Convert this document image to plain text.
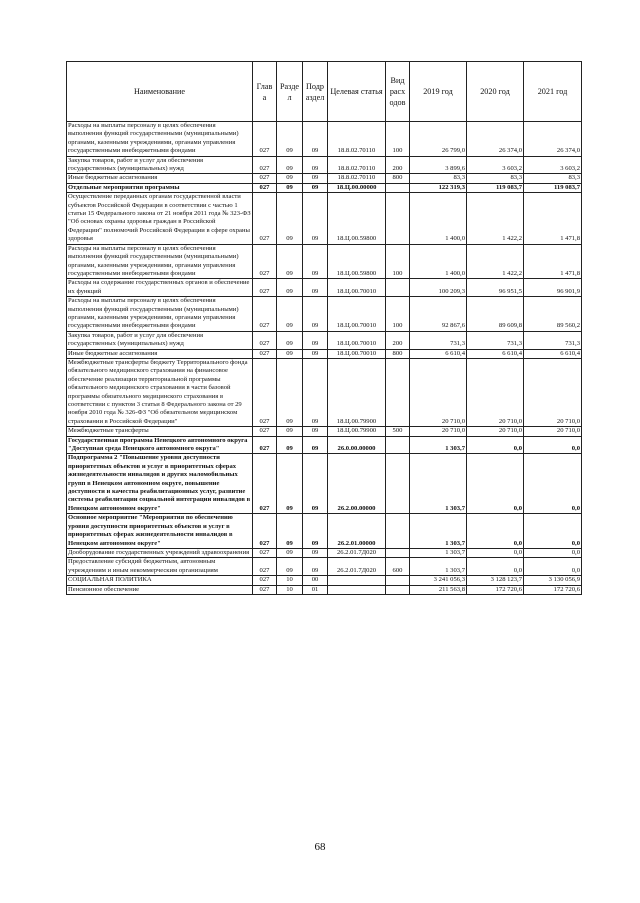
Наименование	Глав а	Разде л	Подр аздел	Целевая статья	Вид расх одов	2019 год	2020 год	2021 год
Расходы на выплаты персоналу в целях обеспечения выполнения функций государственными (муниципальными) органами, казенными учреждениями, органами управления государственными внебюджетными фондами	027	09	09	18.8.02.70110	100	26 799,0	26 374,0	26 374,0
Закупка товаров, работ и услуг для обеспечения государственных (муниципальных) нужд	027	09	09	18.8.02.70110	200	3 899,6	3 603,2	3 603,2
Иные бюджетные ассигнования	027	09	09	18.8.02.70110	800	83,3	83,3	83,3
Отдельные мероприятия программы	027	09	09	18.Ц.00.00000		122 319,3	119 083,7	119 083,7
Осуществление переданных органам государственной власти субъектов Российской Федерации в соответствии с частью 1 статьи 15 Федерального закона от 21 ноября 2011 года № 323-ФЗ "Об основах охраны здоровья граждан в Российской Федерации" полномочий Российской Федерации в сфере охраны здоровья	027	09	09	18.Ц.00.59800		1 400,0	1 422,2	1 471,8
Расходы на выплаты персоналу в целях обеспечения выполнения функций государственными (муниципальными) органами, казенными учреждениями, органами управления государственными внебюджетными фондами	027	09	09	18.Ц.00.59800	100	1 400,0	1 422,2	1 471,8
Расходы на содержание государственных органов и обеспечение их функций	027	09	09	18.Ц.00.70010		100 209,3	96 951,5	96 901,9
Расходы на выплаты персоналу в целях обеспечения выполнения функций государственными (муниципальными) органами, казенными учреждениями, органами управления государственными внебюджетными фондами	027	09	09	18.Ц.00.70010	100	92 867,6	89 609,8	89 560,2
Закупка товаров, работ и услуг для обеспечения государственных (муниципальных) нужд	027	09	09	18.Ц.00.70010	200	731,3	731,3	731,3
Иные бюджетные ассигнования	027	09	09	18.Ц.00.70010	800	6 610,4	6 610,4	6 610,4
Межбюджетные трансферты бюджету Территориального фонда обязательного медицинского страхования на финансовое обеспечение реализации территориальной программы обязательного медицинского страхования в части базовой программы обязательного медицинского страхования в соответствии с пунктом 3 статьи 8 Федерального закона от 29 ноября 2010 года № 326-ФЗ "Об обязательном медицинском страховании в Российской Федерации"	027	09	09	18.Ц.00.79900		20 710,0	20 710,0	20 710,0
Межбюджетные трансферты	027	09	09	18.Ц.00.79900	500	20 710,0	20 710,0	20 710,0
Государственная программа Ненецкого автономного округа "Доступная среда Ненецкого автономного округа"	027	09	09	26.0.00.00000		1 303,7	0,0	0,0
Подпрограмма 2 "Повышение уровня доступности приоритетных объектов и услуг в приоритетных сферах жизнедеятельности инвалидов и других маломобильных групп в Ненецком автономном округе, повышение доступности и качества реабилитационных услуг, развитие системы реабилитации социальной интеграции инвалидов в Ненецком автономном округе"	027	09	09	26.2.00.00000		1 303,7	0,0	0,0
Основное мероприятие "Мероприятия по обеспечению уровня доступности приоритетных объектов и услуг в приоритетных сферах жизнедеятельности инвалидов в Ненецком автономном округе"	027	09	09	26.2.01.00000		1 303,7	0,0	0,0
Дооборудование государственных учреждений здравоохранения	027	09	09	26.2.01.7Д020		1 303,7	0,0	0,0
Предоставление субсидий бюджетным, автономным учреждениям и иным некоммерческим организациям	027	09	09	26.2.01.7Д020	600	1 303,7	0,0	0,0
СОЦИАЛЬНАЯ ПОЛИТИКА	027	10	00			3 241 056,3	3 128 123,7	3 130 056,9
Пенсионное обеспечение	027	10	01			211 563,8	172 720,6	172 720,6
68
